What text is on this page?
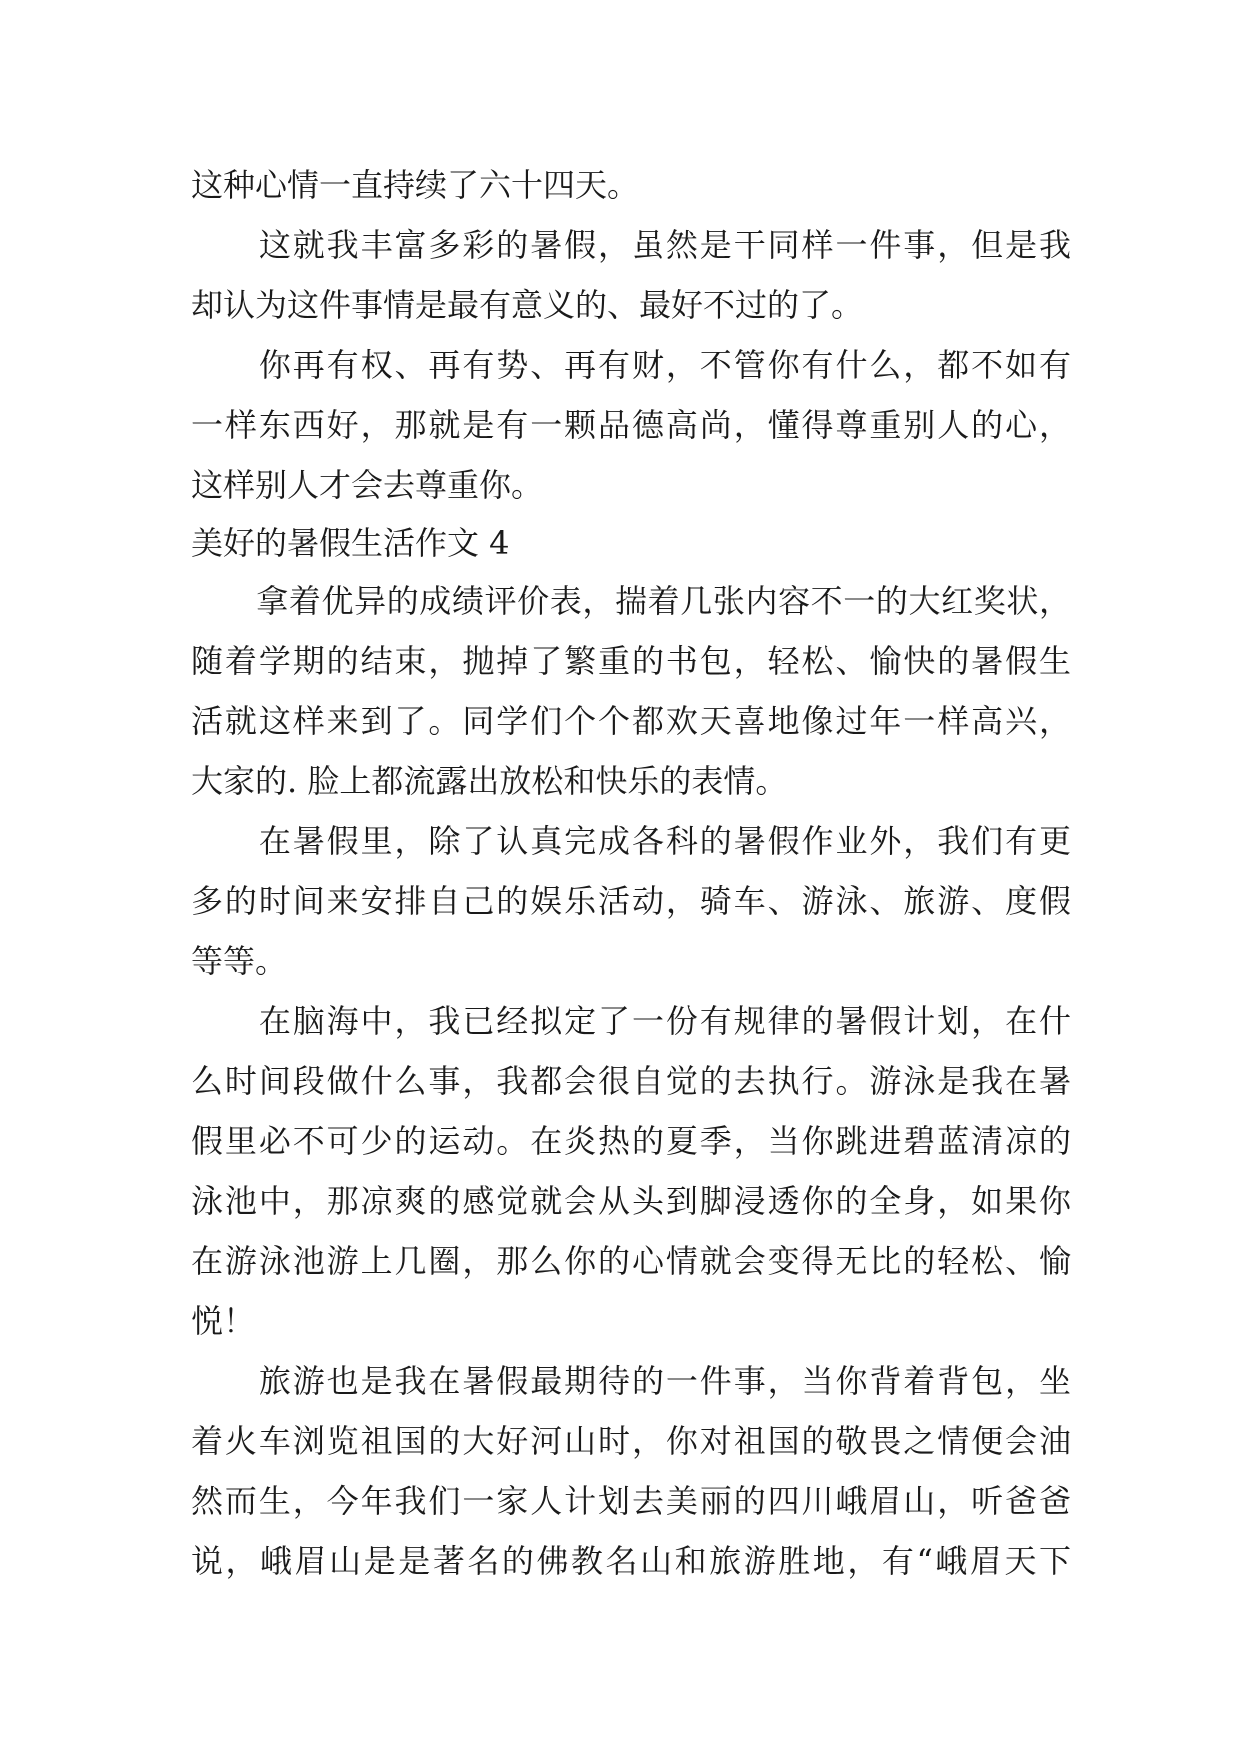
这种心情一直持续了六十四天。
　　这就我丰富多彩的暑假，虽然是干同样一件事，但是我
却认为这件事情是最有意义的、最好不过的了。
　　你再有权、再有势、再有财，不管你有什么，都不如有
一样东西好，那就是有一颗品德高尚，懂得尊重别人的心，
这样别人才会去尊重你。
美好的暑假生活作文 4
　　拿着优异的成绩评价表，揣着几张内容不一的大红奖状，
随着学期的结束，抛掉了繁重的书包，轻松、愉快的暑假生
活就这样来到了。同学们个个都欢天喜地像过年一样高兴，
大家的. 脸上都流露出放松和快乐的表情。
　　在暑假里，除了认真完成各科的暑假作业外，我们有更
多的时间来安排自己的娱乐活动，骑车、游泳、旅游、度假
等等。
　　在脑海中，我已经拟定了一份有规律的暑假计划，在什
么时间段做什么事，我都会很自觉的去执行。游泳是我在暑
假里必不可少的运动。在炎热的夏季，当你跳进碧蓝清凉的
泳池中，那凉爽的感觉就会从头到脚浸透你的全身，如果你
在游泳池游上几圈，那么你的心情就会变得无比的轻松、愉
悦！
　　旅游也是我在暑假最期待的一件事，当你背着背包，坐
着火车浏览祖国的大好河山时，你对祖国的敬畏之情便会油
然而生，今年我们一家人计划去美丽的四川峨眉山，听爸爸
说，峨眉山是是著名的佛教名山和旅游胜地，有“峨眉天下
